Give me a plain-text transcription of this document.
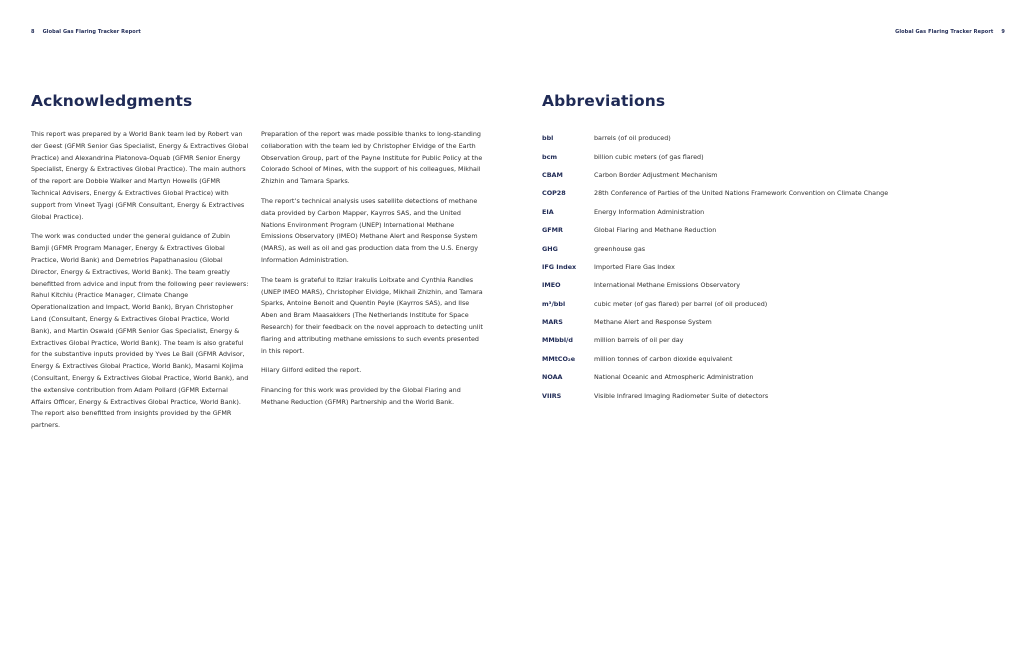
8 Global Gas Flaring Tracker Report
Acknowledgments

This report was prepared by a World Bank team led by Robert van der Geest (GFMR Senior Gas Specialist, Energy & Extractives Global Practice) and Alexandrina Platonova-Oquab (GFMR Senior Energy Specialist, Energy & Extractives Global Practice). The main authors of the report are Dobbie Walker and Martyn Howells (GFMR Technical Advisers, Energy & Extractives Global Practice) with support from Vineet Tyagi (GFMR Consultant, Energy & Extractives Global Practice).

The work was conducted under the general guidance of Zubin Bamji (GFMR Program Manager, Energy & Extractives Global Practice, World Bank) and Demetrios Papathanasiou (Global Director, Energy & Extractives, World Bank). The team greatly benefitted from advice and input from the following peer reviewers: Rahul Kitchlu (Practice Manager, Climate Change Operationalization and Impact, World Bank), Bryan Christopher Land (Consultant, Energy & Extractives Global Practice, World Bank), and Martin Oswald (GFMR Senior Gas Specialist, Energy & Extractives Global Practice, World Bank). The team is also grateful for the substantive inputs provided by Yves Le Bail (GFMR Advisor, Energy & Extractives Global Practice, World Bank), Masami Kojima (Consultant, Energy & Extractives Global Practice, World Bank), and the extensive contribution from Adam Pollard (GFMR External Affairs Officer, Energy & Extractives Global Practice, World Bank). The report also benefitted from insights provided by the GFMR partners.

Preparation of the report was made possible thanks to long-standing collaboration with the team led by Christopher Elvidge of the Earth Observation Group, part of the Payne Institute for Public Policy at the Colorado School of Mines, with the support of his colleagues, Mikhail Zhizhin and Tamara Sparks.

The report’s technical analysis uses satellite detections of methane data provided by Carbon Mapper, Kayrros SAS, and the United Nations Environment Program (UNEP) International Methane Emissions Observatory (IMEO) Methane Alert and Response System (MARS), as well as oil and gas production data from the U.S. Energy Information Administration.

The team is grateful to Itziar Irakulis Loitxate and Cynthia Randles (UNEP IMEO MARS), Christopher Elvidge, Mikhail Zhizhin, and Tamara Sparks, Antoine Benoit and Quentin Peyle (Kayrros SAS), and Ilse Aben and Bram Maasakkers (The Netherlands Institute for Space Research) for their feedback on the novel approach to detecting unlit flaring and attributing methane emissions to such events presented in this report.

Hilary Gilford edited the report.

Financing for this work was provided by the Global Flaring and Methane Reduction (GFMR) Partnership and the World Bank.

Global Gas Flaring Tracker Report 9
Abbreviations
bbl	barrels (of oil produced)
bcm	billion cubic meters (of gas flared)
CBAM	Carbon Border Adjustment Mechanism
COP28	28th Conference of Parties of the United Nations Framework Convention on Climate Change
EIA	Energy Information Administration
GFMR	Global Flaring and Methane Reduction
GHG	greenhouse gas
IFG Index	Imported Flare Gas Index
IMEO	International Methane Emissions Observatory
m³/bbl	cubic meter (of gas flared) per barrel (of oil produced)
MARS	Methane Alert and Response System
MMbbl/d	million barrels of oil per day
MMtCO₂e	million tonnes of carbon dioxide equivalent
NOAA	National Oceanic and Atmospheric Administration
VIIRS	Visible Infrared Imaging Radiometer Suite of detectors
